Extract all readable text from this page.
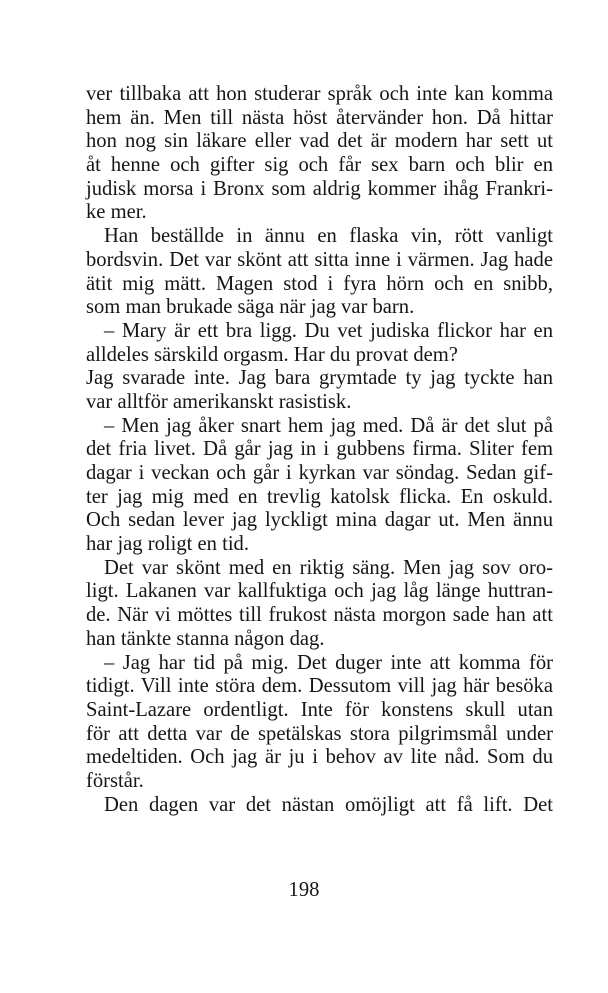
ver tillbaka att hon studerar språk och inte kan komma
hem än. Men till nästa höst återvänder hon. Då hittar
hon nog sin läkare eller vad det är modern har sett ut
åt henne och gifter sig och får sex barn och blir en
judisk morsa i Bronx som aldrig kommer ihåg Frankri-
ke mer.
Han beställde in ännu en flaska vin, rött vanligt
bordsvin. Det var skönt att sitta inne i värmen. Jag hade
ätit mig mätt. Magen stod i fyra hörn och en snibb,
som man brukade säga när jag var barn.
– Mary är ett bra ligg. Du vet judiska flickor har en
alldeles särskild orgasm. Har du provat dem?
Jag svarade inte. Jag bara grymtade ty jag tyckte han
var alltför amerikanskt rasistisk.
– Men jag åker snart hem jag med. Då är det slut på
det fria livet. Då går jag in i gubbens firma. Sliter fem
dagar i veckan och går i kyrkan var söndag. Sedan gif-
ter jag mig med en trevlig katolsk flicka. En oskuld.
Och sedan lever jag lyckligt mina dagar ut. Men ännu
har jag roligt en tid.
Det var skönt med en riktig säng. Men jag sov oro-
ligt. Lakanen var kallfuktiga och jag låg länge huttran-
de. När vi möttes till frukost nästa morgon sade han att
han tänkte stanna någon dag.
– Jag har tid på mig. Det duger inte att komma för
tidigt. Vill inte störa dem. Dessutom vill jag här besöka
Saint-Lazare ordentligt. Inte för konstens skull utan
för att detta var de spetälskas stora pilgrimsmål under
medeltiden. Och jag är ju i behov av lite nåd. Som du
förstår.
Den dagen var det nästan omöjligt att få lift. Det
198
